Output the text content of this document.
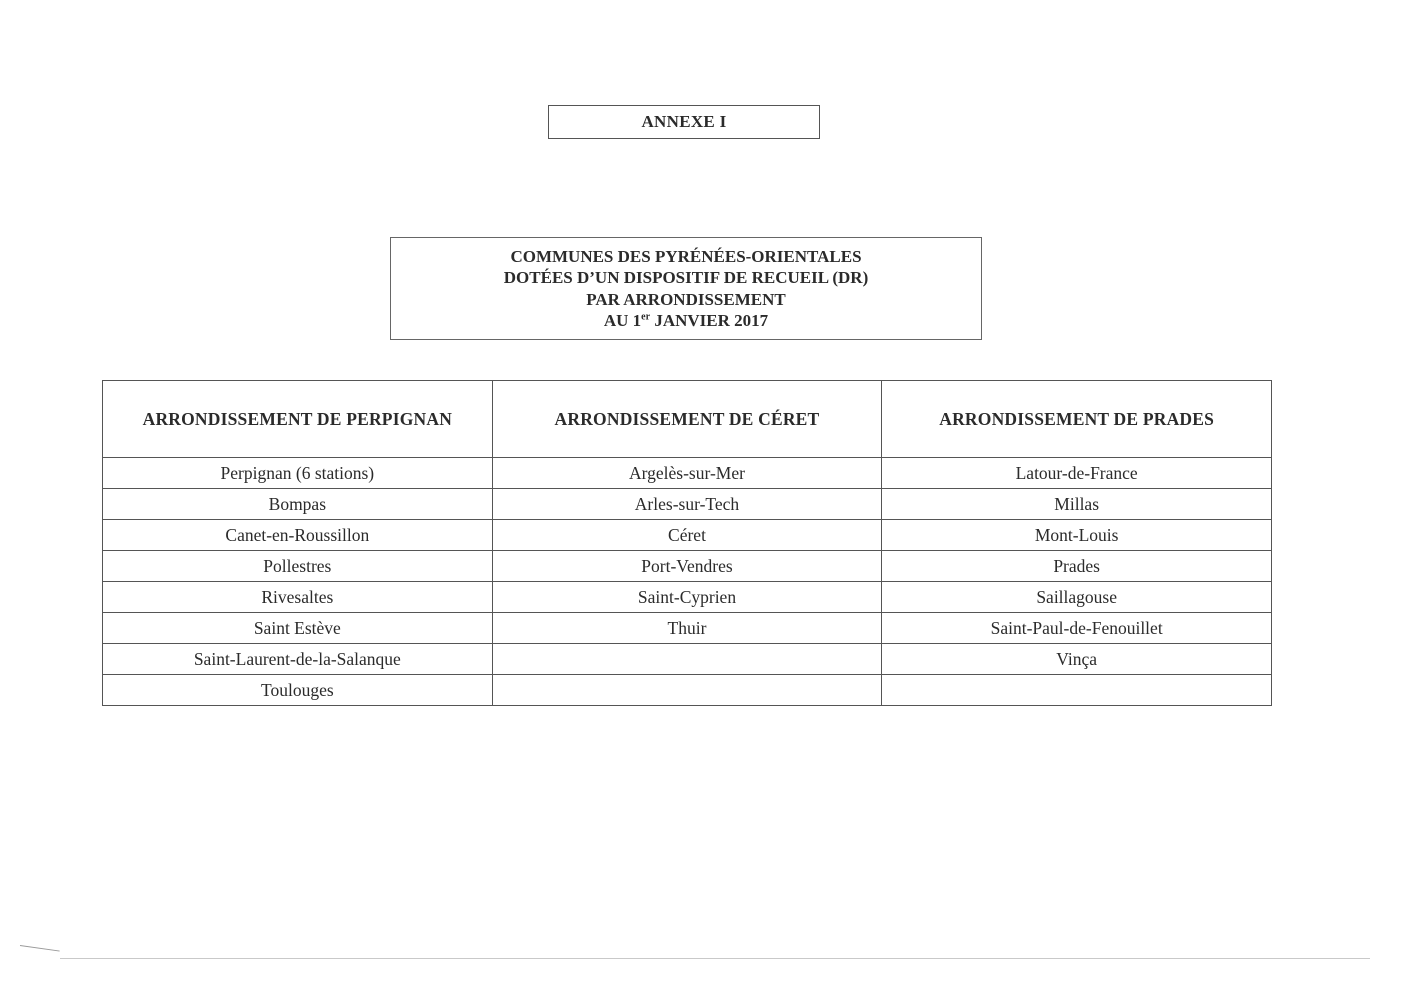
ANNEXE I
COMMUNES DES PYRÉNÉES-ORIENTALES
DOTÉES D’UN DISPOSITIF DE RECUEIL (DR)
PAR ARRONDISSEMENT
AU 1er JANVIER 2017
ARRONDISSEMENT DE PERPIGNAN	ARRONDISSEMENT DE CÉRET	ARRONDISSEMENT DE PRADES
Perpignan (6 stations)	Argelès-sur-Mer	Latour-de-France
Bompas	Arles-sur-Tech	Millas
Canet-en-Roussillon	Céret	Mont-Louis
Pollestres	Port-Vendres	Prades
Rivesaltes	Saint-Cyprien	Saillagouse
Saint Estève	Thuir	Saint-Paul-de-Fenouillet
Saint-Laurent-de-la-Salanque		Vinça
Toulouges		
